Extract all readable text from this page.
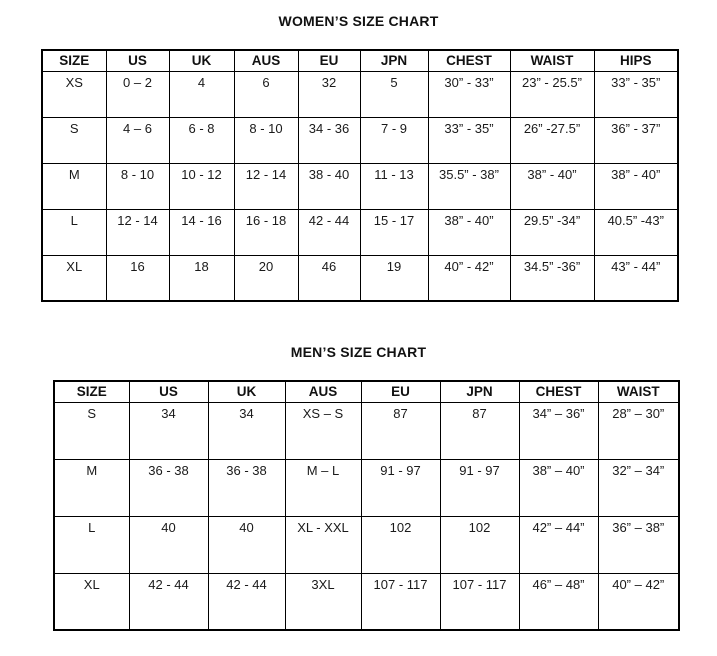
WOMEN’S SIZE CHART
SIZE	US	UK	AUS	EU	JPN	CHEST	WAIST	HIPS
XS	0 – 2	4	6	32	5	30” - 33”	23” - 25.5”	33” - 35”
S	4 – 6	6 - 8	8 - 10	34 - 36	7 - 9	33” - 35”	26” -27.5”	36” - 37”
M	8 - 10	10 - 12	12 - 14	38 - 40	11 - 13	35.5” - 38”	38” - 40”	38” - 40”
L	12 - 14	14 - 16	16 - 18	42 - 44	15 - 17	38” - 40”	29.5” -34”	40.5” -43”
XL	16	18	20	46	19	40” - 42”	34.5” -36”	43” - 44”
MEN’S SIZE CHART
SIZE	US	UK	AUS	EU	JPN	CHEST	WAIST
S	34	34	XS – S	87	87	34” – 36”	28” – 30”
M	36 - 38	36 - 38	M – L	91 - 97	91 - 97	38” – 40”	32” – 34”
L	40	40	XL - XXL	102	102	42” – 44”	36” – 38”
XL	42 - 44	42 - 44	3XL	107 - 117	107 - 117	46” – 48”	40” – 42”
